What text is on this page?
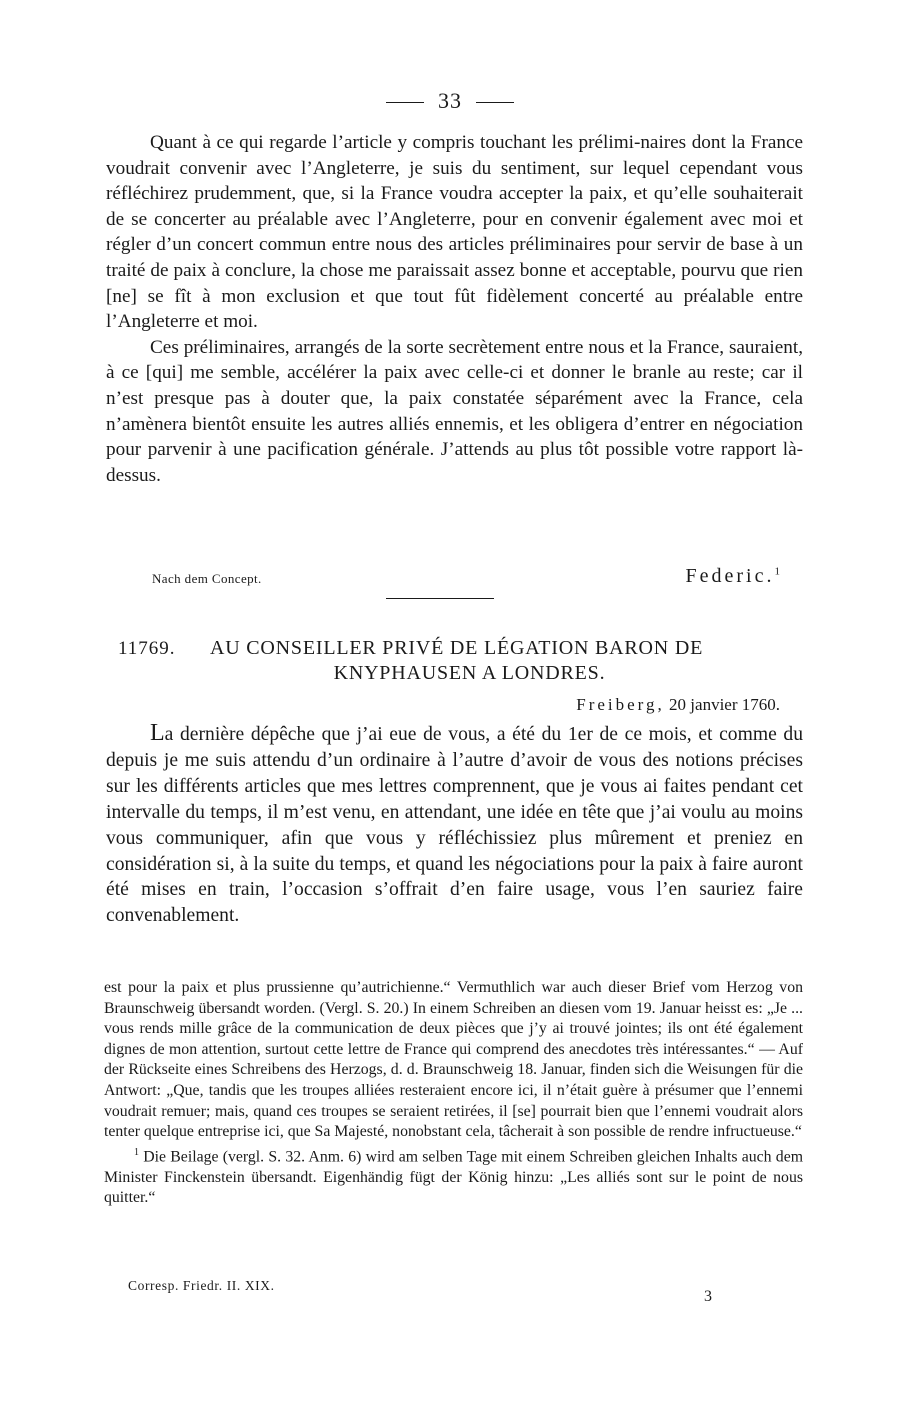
33

Quant à ce qui regarde l’article y compris touchant les prélimi-naires dont la France voudrait convenir avec l’Angleterre, je suis du sentiment, sur lequel cependant vous réfléchirez prudemment, que, si la France voudra accepter la paix, et qu’elle souhaiterait de se concerter au préalable avec l’Angleterre, pour en convenir également avec moi et régler d’un concert commun entre nous des articles préliminaires pour servir de base à un traité de paix à conclure, la chose me paraissait assez bonne et acceptable, pourvu que rien [ne] se fît à mon exclusion et que tout fût fidèlement concerté au préalable entre l’Angleterre et moi.

Ces préliminaires, arrangés de la sorte secrètement entre nous et la France, sauraient, à ce [qui] me semble, accélérer la paix avec celle-ci et donner le branle au reste; car il n’est presque pas à douter que, la paix constatée séparément avec la France, cela n’amènera bientôt ensuite les autres alliés ennemis, et les obligera d’entrer en négociation pour parvenir à une pacification générale. J’attends au plus tôt possible votre rapport là-dessus.

Nach dem Concept.	Federic.$^1$
11769.	AU CONSEILLER PRIVÉ DE LÉGATION BARON DE
KNYPHAUSEN A LONDRES.
Freiberg, 20 janvier 1760.

La dernière dépêche que j’ai eue de vous, a été du 1er de ce mois, et comme du depuis je me suis attendu d’un ordinaire à l’autre d’avoir de vous des notions précises sur les différents articles que mes lettres comprennent, que je vous ai faites pendant cet intervalle du temps, il m’est venu, en attendant, une idée en tête que j’ai voulu au moins vous communiquer, afin que vous y réfléchissiez plus mûrement et preniez en considération si, à la suite du temps, et quand les négociations pour la paix à faire auront été mises en train, l’occasion s’offrait d’en faire usage, vous l’en sauriez faire convenablement.

est pour la paix et plus prussienne qu’autrichienne.“ Vermuthlich war auch dieser Brief vom Herzog von Braunschweig übersandt worden. (Vergl. S. 20.) In einem Schreiben an diesen vom 19. Januar heisst es: „Je ... vous rends mille grâce de la communication de deux pièces que j’y ai trouvé jointes; ils ont été également dignes de mon attention, surtout cette lettre de France qui comprend des anecdotes très intéressantes.“ — Auf der Rückseite eines Schreibens des Herzogs, d. d. Braunschweig 18. Januar, finden sich die Weisungen für die Antwort: „Que, tandis que les troupes alliées resteraient encore ici, il n’était guère à présumer que l’ennemi voudrait remuer; mais, quand ces troupes se seraient retirées, il [se] pourrait bien que l’ennemi voudrait alors tenter quelque entreprise ici, que Sa Majesté, nonobstant cela, tâcherait à son possible de rendre infructueuse.“

$^1$ Die Beilage (vergl. S. 32. Anm. 6) wird am selben Tage mit einem Schreiben gleichen Inhalts auch dem Minister Finckenstein übersandt. Eigenhändig fügt der König hinzu: „Les alliés sont sur le point de nous quitter.“

Corresp. Friedr. II. XIX.
3
